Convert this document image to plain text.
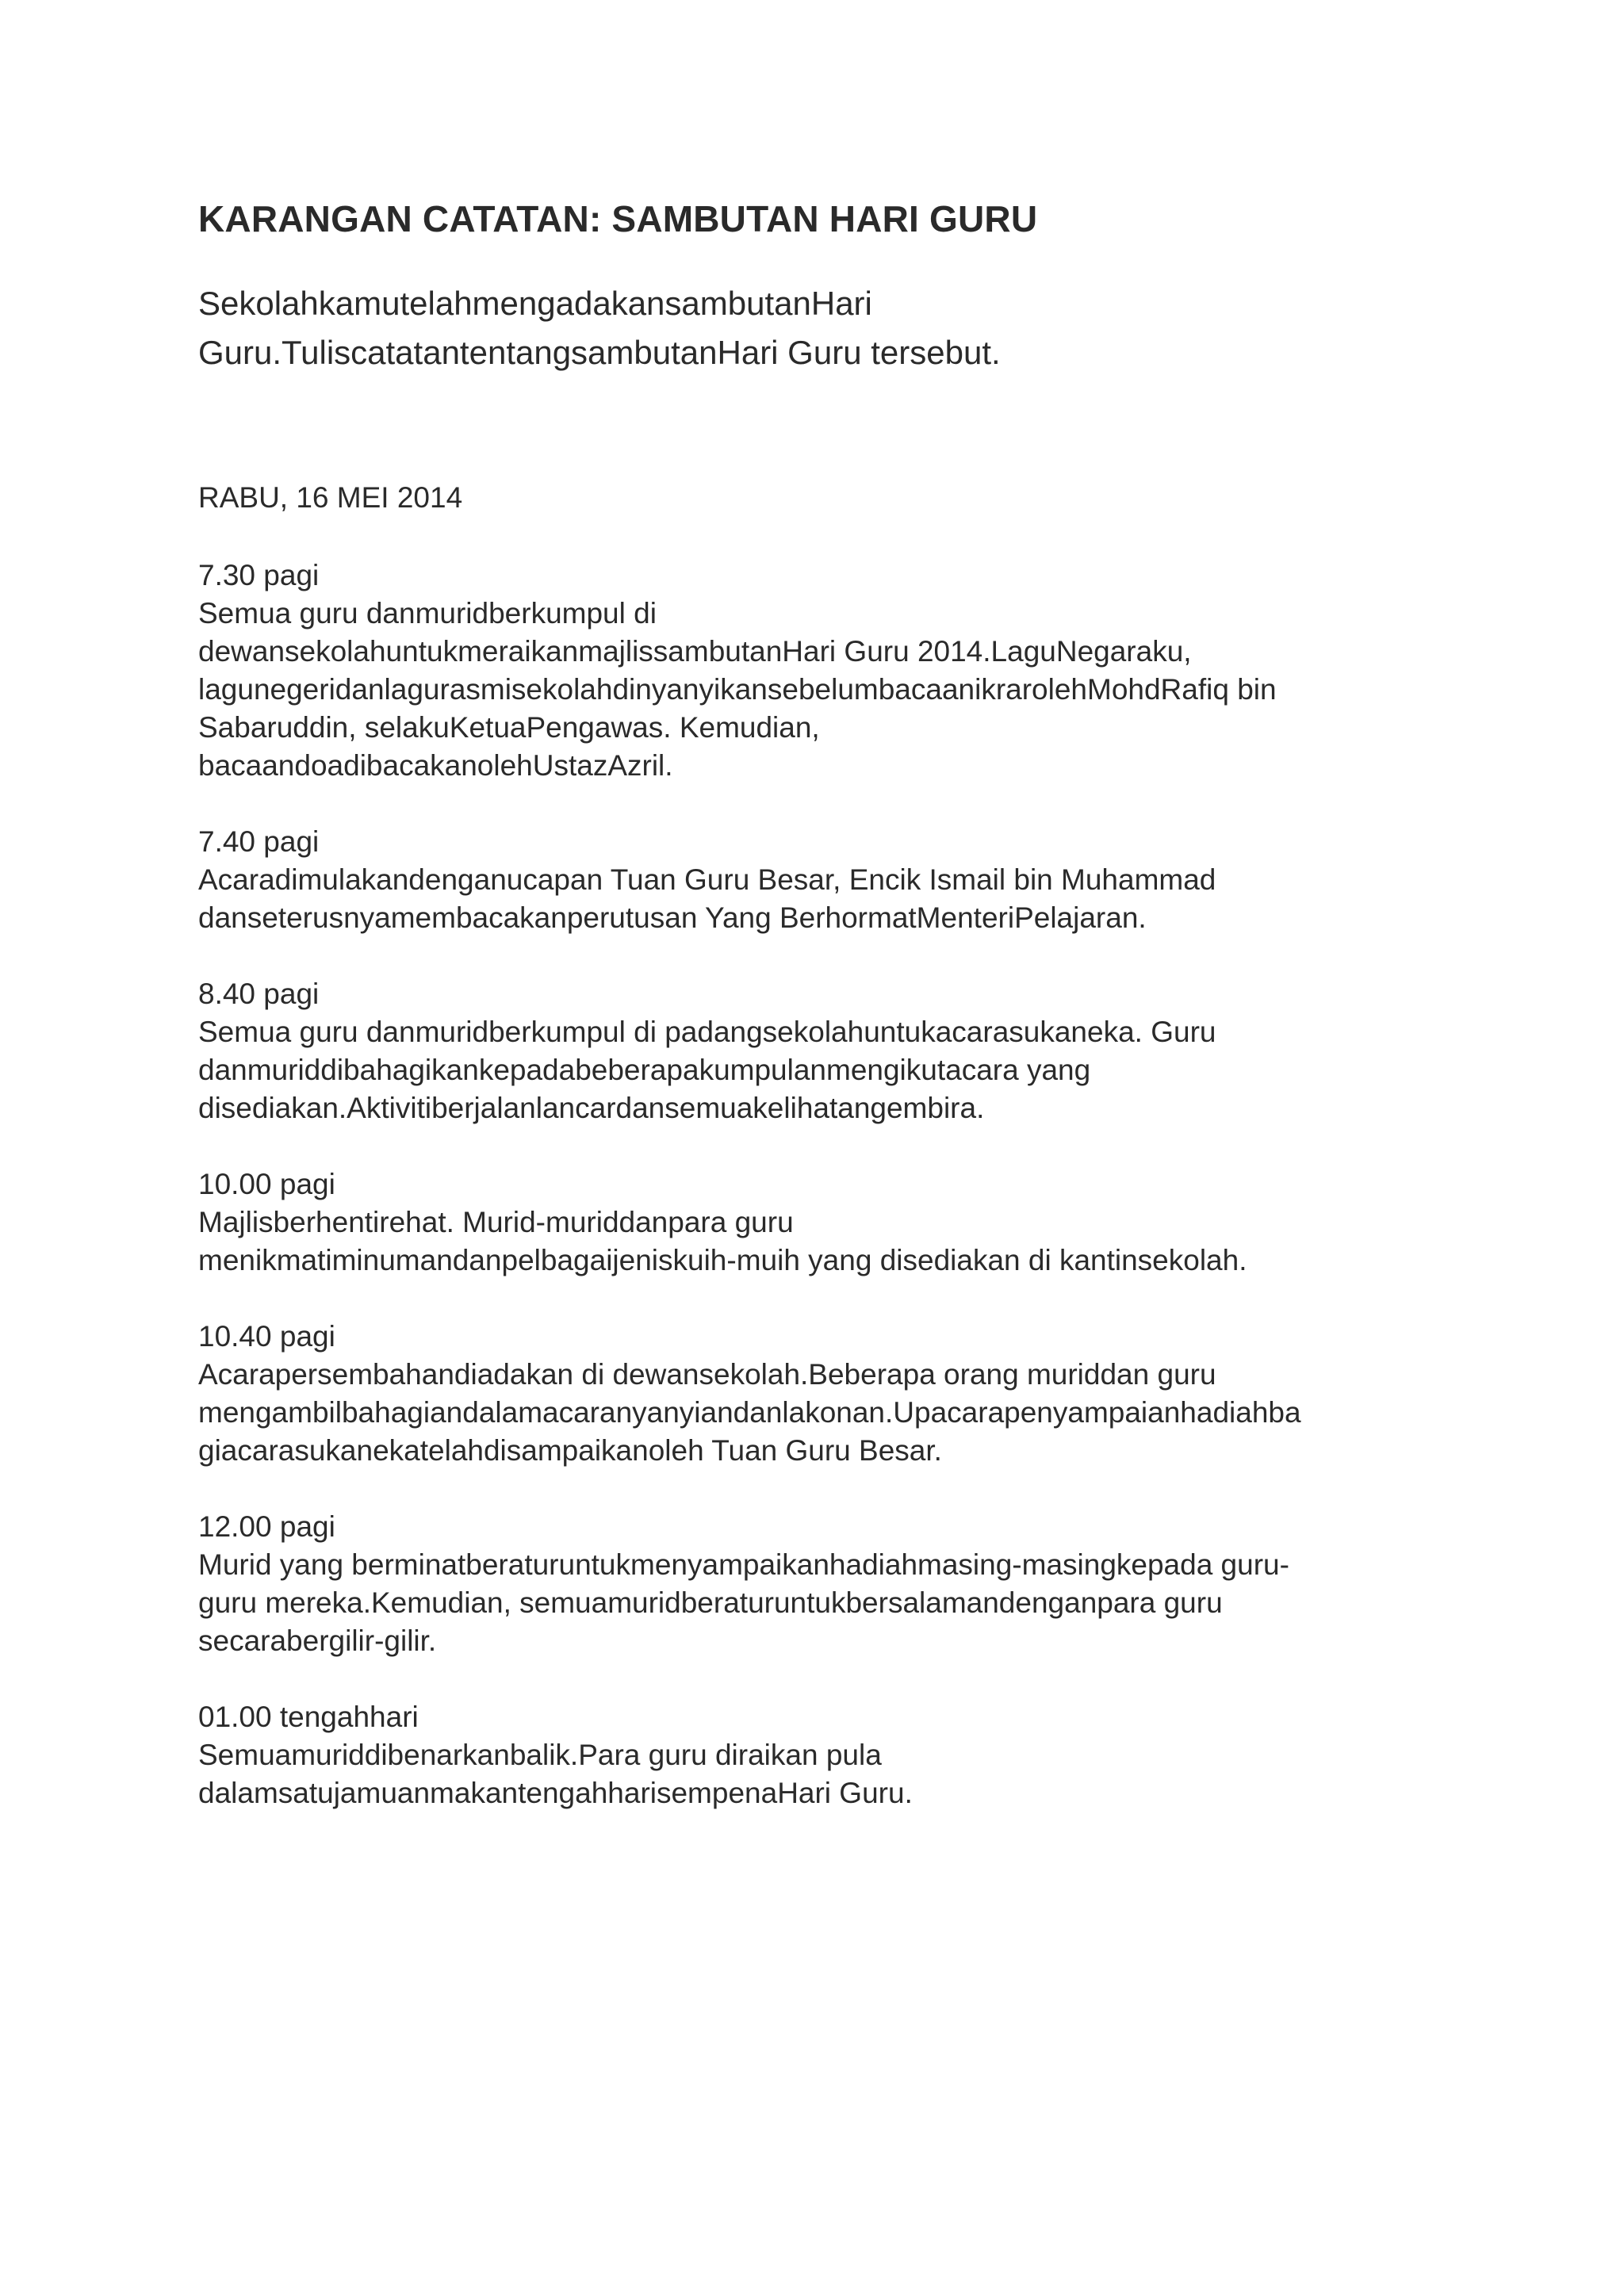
KARANGAN CATATAN: SAMBUTAN HARI GURU
SekolahkamutelahmengadakansambutanHari
Guru.TuliscatatantentangsambutanHari Guru tersebut.
RABU, 16 MEI 2014
7.30 pagi
Semua guru danmuridberkumpul di
dewansekolahuntukmeraikanmajlissambutanHari Guru 2014.LaguNegaraku,
lagunegeridanlagurasmisekolahdinyanyikansebelumbacaanikrarolehMohdRafiq bin
Sabaruddin, selakuKetuaPengawas. Kemudian,
bacaandoadibacakanolehUstazAzril.
7.40 pagi
Acaradimulakandenganucapan Tuan Guru Besar, Encik Ismail bin Muhammad
danseterusnyamembacakanperutusan Yang BerhormatMenteriPelajaran.
8.40 pagi
Semua guru danmuridberkumpul di padangsekolahuntukacarasukaneka. Guru
danmuriddibahagikankepadabeberapakumpulanmengikutacara yang
disediakan.Aktivitiberjalanlancardansemuakelihatangembira.
10.00 pagi
Majlisberhentirehat. Murid-muriddanpara guru
menikmatiminumandanpelbagaijeniskuih-muih yang disediakan di kantinsekolah.
10.40 pagi
Acarapersembahandiadakan di dewansekolah.Beberapa orang muriddan guru
mengambilbahagiandalamacaranyanyiandanlakonan.Upacarapenyampaianhadiahba
giacarasukanekatelahdisampaikanoleh Tuan Guru Besar.
12.00 pagi
Murid yang berminatberaturuntukmenyampaikanhadiahmasing-masingkepada guru-
guru mereka.Kemudian, semuamuridberaturuntukbersalamandenganpara guru
secarabergilir-gilir.
01.00 tengahhari
Semuamuriddibenarkanbalik.Para guru diraikan pula
dalamsatujamuanmakantengahharisempenaHari Guru.
